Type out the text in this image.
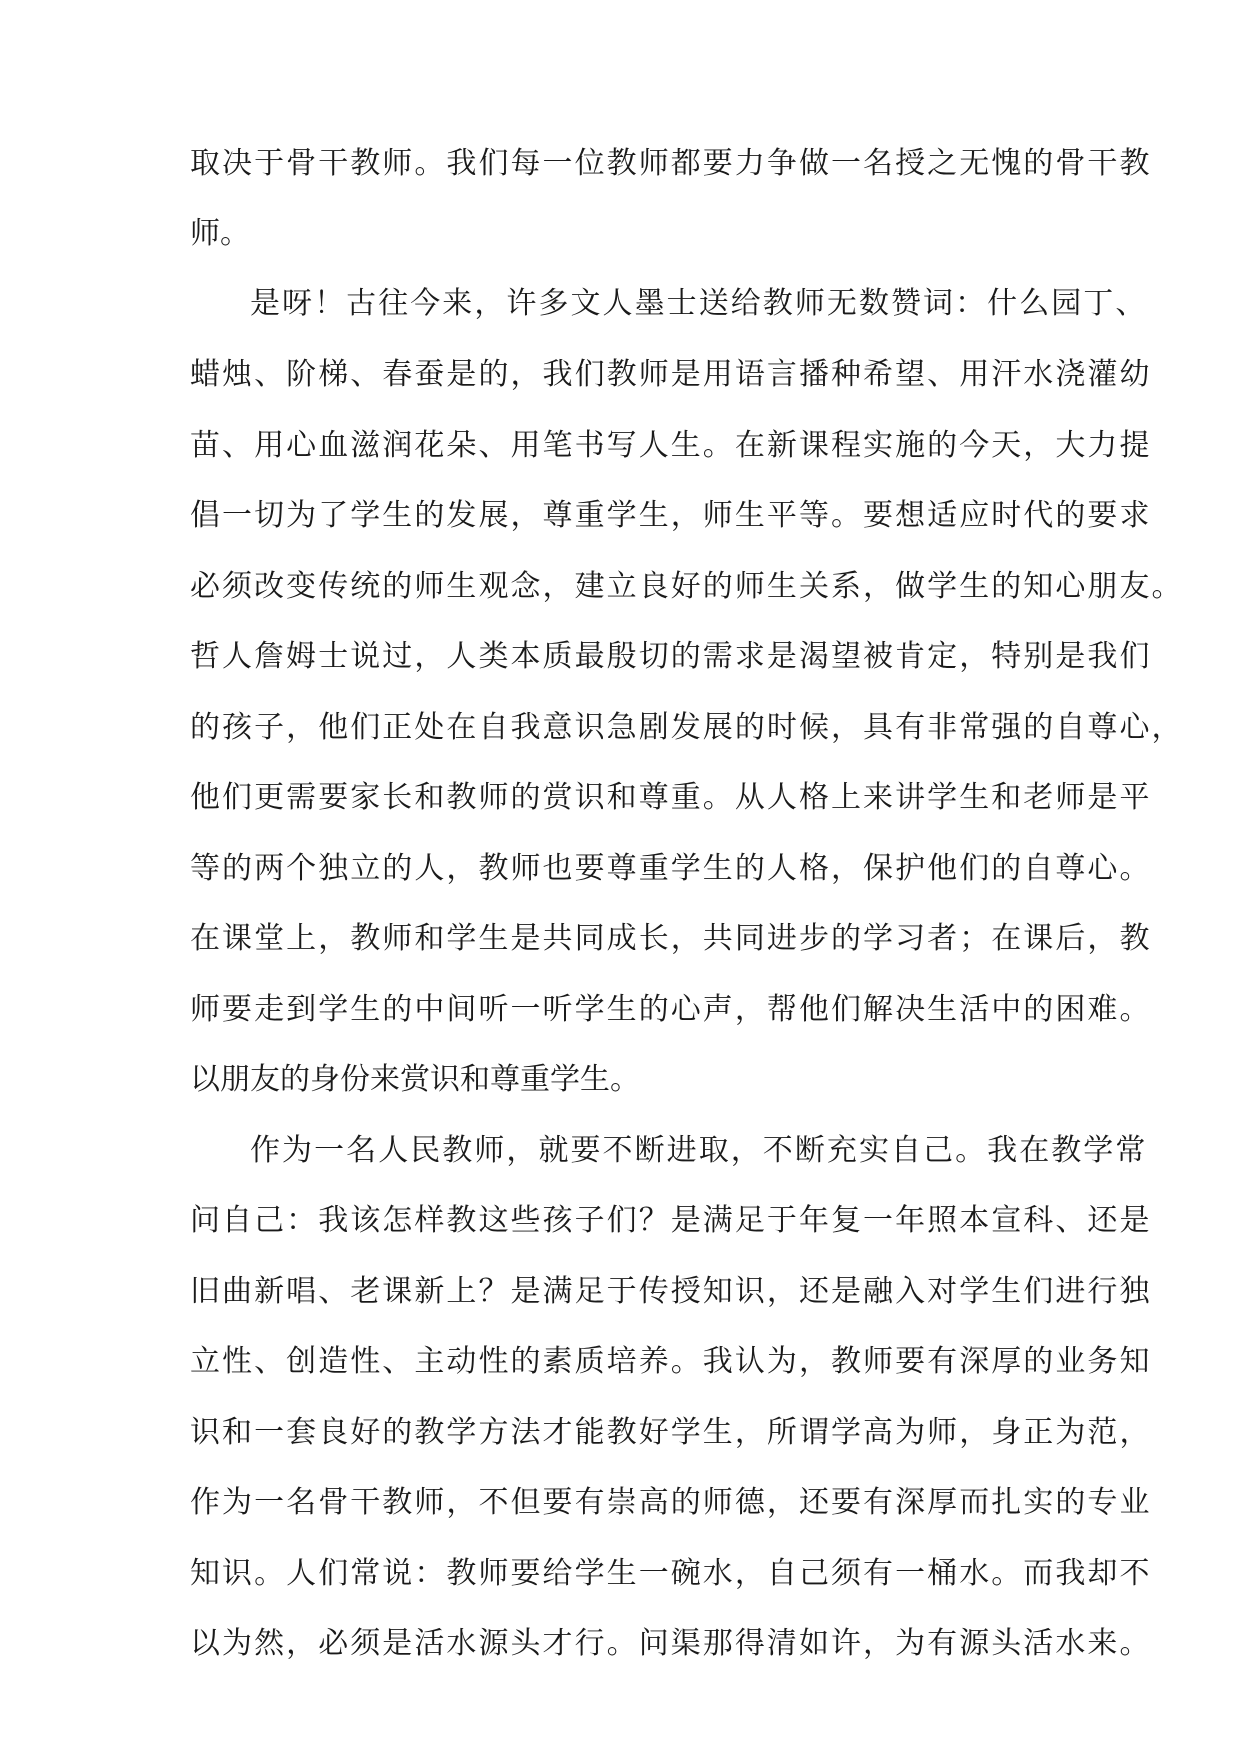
取决于骨干教师。我们每一位教师都要力争做一名授之无愧的骨干教

师。

是呀！古往今来，许多文人墨士送给教师无数赞词：什么园丁、

蜡烛、阶梯、春蚕是的，我们教师是用语言播种希望、用汗水浇灌幼

苗、用心血滋润花朵、用笔书写人生。在新课程实施的今天，大力提

倡一切为了学生的发展，尊重学生，师生平等。要想适应时代的要求

必须改变传统的师生观念，建立良好的师生关系，做学生的知心朋友。

哲人詹姆士说过，人类本质最殷切的需求是渴望被肯定，特别是我们

的孩子，他们正处在自我意识急剧发展的时候，具有非常强的自尊心，

他们更需要家长和教师的赏识和尊重。从人格上来讲学生和老师是平

等的两个独立的人，教师也要尊重学生的人格，保护他们的自尊心。

在课堂上，教师和学生是共同成长，共同进步的学习者；在课后，教

师要走到学生的中间听一听学生的心声，帮他们解决生活中的困难。

以朋友的身份来赏识和尊重学生。

作为一名人民教师，就要不断进取，不断充实自己。我在教学常

问自己：我该怎样教这些孩子们？是满足于年复一年照本宣科、还是

旧曲新唱、老课新上？是满足于传授知识，还是融入对学生们进行独

立性、创造性、主动性的素质培养。我认为，教师要有深厚的业务知

识和一套良好的教学方法才能教好学生，所谓学高为师，身正为范，

作为一名骨干教师，不但要有崇高的师德，还要有深厚而扎实的专业

知识。人们常说：教师要给学生一碗水，自己须有一桶水。而我却不

以为然，必须是活水源头才行。问渠那得清如许，为有源头活水来。
